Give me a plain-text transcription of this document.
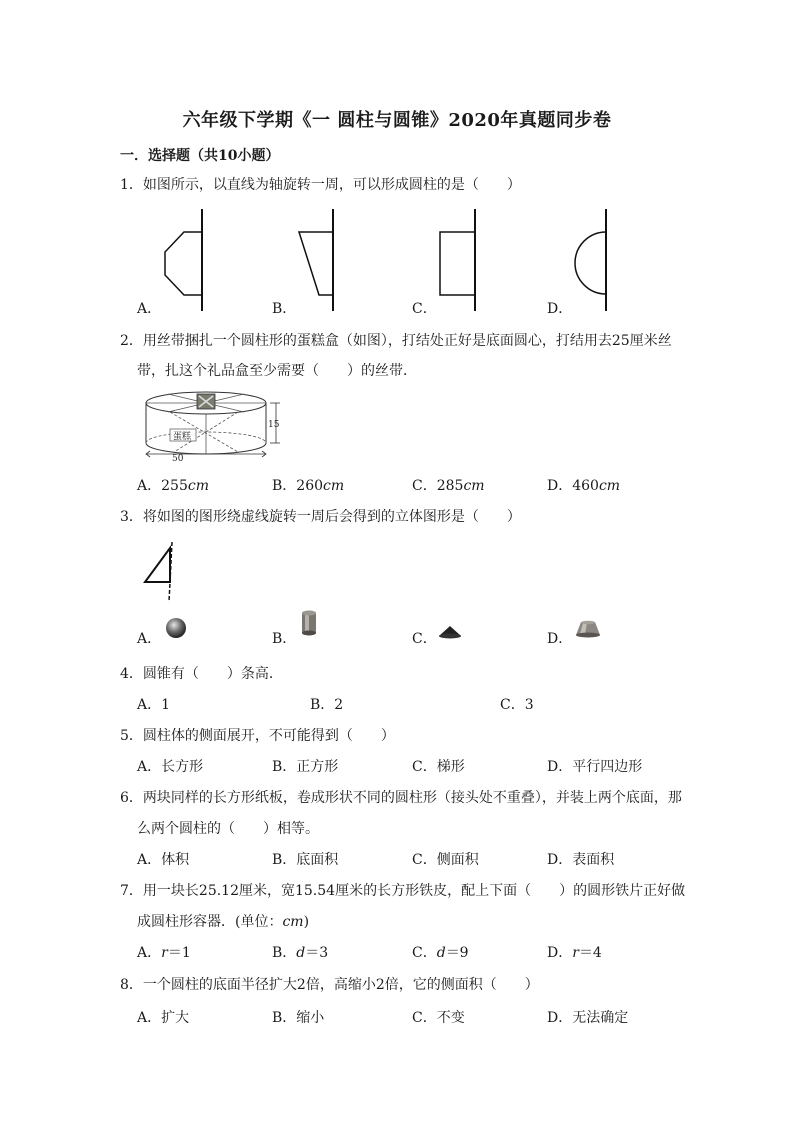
六年级下学期《一 圆柱与圆锥》2020年真题同步卷
一．选择题（共10小题）
1．如图所示，以直线为轴旋转一周，可以形成圆柱的是（　　）
A．	B．	C．	D．
2．用丝带捆扎一个圆柱形的蛋糕盒（如图），打结处正好是底面圆心，打结用去25厘米丝
带，扎这个礼品盒至少需要（　　）的丝带．
蛋糕
15
50
A．255cm	B．260cm	C．285cm	D．460cm
3．将如图的图形绕虚线旋转一周后会得到的立体图形是（　　）
A．	B．	C．	D．
4．圆锥有（　　）条高．
A．1	B．2	C．3
5．圆柱体的侧面展开，不可能得到（　　）
A．长方形	B．正方形	C．梯形	D．平行四边形
6．两块同样的长方形纸板，卷成形状不同的圆柱形（接头处不重叠），并装上两个底面，那
么两个圆柱的（　　）相等。
A．体积	B．底面积	C．侧面积	D．表面积
7．用一块长25.12厘米，宽15.54厘米的长方形铁皮，配上下面（　　）的圆形铁片正好做
成圆柱形容器．(单位：cm)
A．r＝1	B．d＝3	C．d＝9	D．r＝4
8．一个圆柱的底面半径扩大2倍，高缩小2倍，它的侧面积（　　）
A．扩大	B．缩小	C．不变	D．无法确定
